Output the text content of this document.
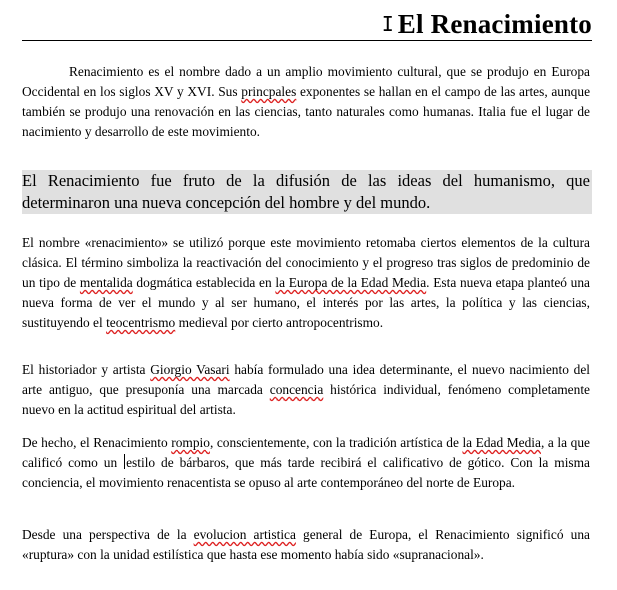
I El Renacimiento

Renacimiento es el nombre dado a un amplio movimiento cultural, que se produjo en Europa Occidental en los siglos XV y XVI. Sus princpales exponentes se hallan en el campo de las artes, aunque también se produjo una renovación en las ciencias, tanto naturales como humanas. Italia fue el lugar de nacimiento y desarrollo de este movimiento.

El Renacimiento fue fruto de la difusión de las ideas del humanismo, que determinaron una nueva concepción del hombre y del mundo.

El nombre «renacimiento» se utilizó porque este movimiento retomaba ciertos elementos de la cultura clásica. El término simboliza la reactivación del conocimiento y el progreso tras siglos de predominio de un tipo de mentalida dogmática establecida en la Europa de la Edad Media. Esta nueva etapa planteó una nueva forma de ver el mundo y al ser humano, el interés por las artes, la política y las ciencias, sustituyendo el teocentrismo medieval por cierto antropocentrismo.

El historiador y artista Giorgio Vasari había formulado una idea determinante, el nuevo nacimiento del arte antiguo, que presuponía una marcada concencia histórica individual, fenómeno completamente nuevo en la actitud espiritual del artista.

De hecho, el Renacimiento rompio, conscientemente, con la tradición artística de la Edad Media, a la que calificó como un estilo de bárbaros, que más tarde recibirá el calificativo de gótico. Con la misma conciencia, el movimiento renacentista se opuso al arte contemporáneo del norte de Europa.

Desde una perspectiva de la evolucion artistica general de Europa, el Renacimiento significó una «ruptura» con la unidad estilística que hasta ese momento había sido «supranacional».
